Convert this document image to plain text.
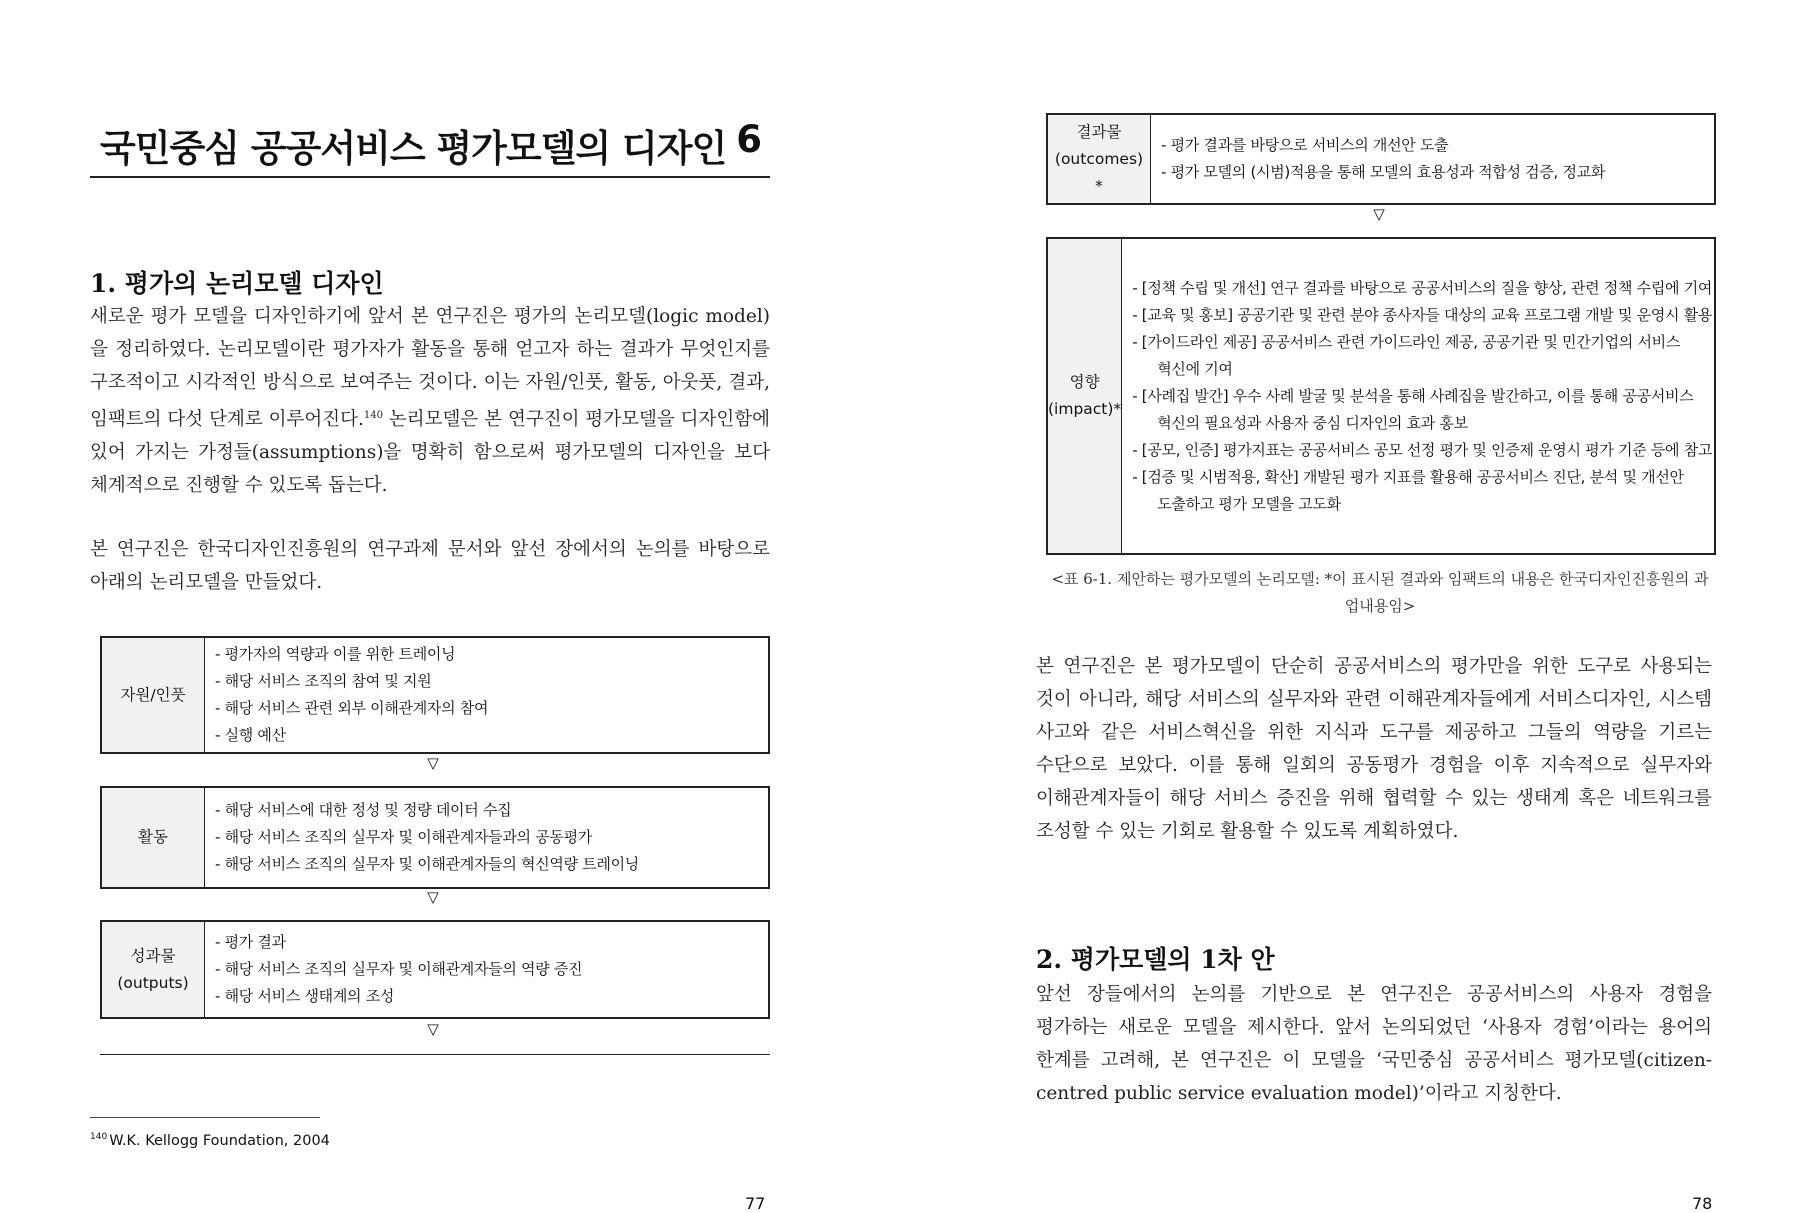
국민중심 공공서비스 평가모델의 디자인 6
1. 평가의 논리모델 디자인
새로운 평가 모델을 디자인하기에 앞서 본 연구진은 평가의 논리모델(logic model)을 정리하였다. 논리모델이란 평가자가 활동을 통해 얻고자 하는 결과가 무엇인지를 구조적이고 시각적인 방식으로 보여주는 것이다. 이는 자원/인풋, 활동, 아웃풋, 결과, 임팩트의 다섯 단계로 이루어진다.$^{140}$ 논리모델은 본 연구진이 평가모델을 디자인함에 있어 가지는 가정들(assumptions)을 명확히 함으로써 평가모델의 디자인을 보다 체계적으로 진행할 수 있도록 돕는다.
본 연구진은 한국디자인진흥원의 연구과제 문서와 앞선 장에서의 논의를 바탕으로 아래의 논리모델을 만들었다.
자원/인풋
- 평가자의 역량과 이를 위한 트레이닝
- 해당 서비스 조직의 참여 및 지원
- 해당 서비스 관련 외부 이해관계자의 참여
- 실행 예산
▽
활동
- 해당 서비스에 대한 정성 및 정량 데이터 수집
- 해당 서비스 조직의 실무자 및 이해관계자들과의 공동평가
- 해당 서비스 조직의 실무자 및 이해관계자들의 혁신역량 트레이닝
▽
성과물
(outputs)
- 평가 결과
- 해당 서비스 조직의 실무자 및 이해관계자들의 역량 증진
- 해당 서비스 생태계의 조성
▽
$^{140}$ W.K. Kellogg Foundation, 2004
77
결과물
(outcomes)
*
- 평가 결과를 바탕으로 서비스의 개선안 도출
- 평가 모델의 (시범)적용을 통해 모델의 효용성과 적합성 검증, 정교화
▽
영향
(impact)*
- [정책 수립 및 개선] 연구 결과를 바탕으로 공공서비스의 질을 향상, 관련 정책 수립에 기여
- [교육 및 홍보] 공공기관 및 관련 분야 종사자들 대상의 교육 프로그램 개발 및 운영시 활용
- [가이드라인 제공] 공공서비스 관련 가이드라인 제공, 공공기관 및 민간기업의 서비스
혁신에 기여
- [사례집 발간] 우수 사례 발굴 및 분석을 통해 사례집을 발간하고, 이를 통해 공공서비스
혁신의 필요성과 사용자 중심 디자인의 효과 홍보
- [공모, 인증] 평가지표는 공공서비스 공모 선정 평가 및 인증제 운영시 평가 기준 등에 참고
- [검증 및 시범적용, 확산] 개발된 평가 지표를 활용해 공공서비스 진단, 분석 및 개선안
도출하고 평가 모델을 고도화
<표 6-1. 제안하는 평가모델의 논리모델: *이 표시된 결과와 임팩트의 내용은 한국디자인진흥원의 과업내용임>
본 연구진은 본 평가모델이 단순히 공공서비스의 평가만을 위한 도구로 사용되는 것이 아니라, 해당 서비스의 실무자와 관련 이해관계자들에게 서비스디자인, 시스템 사고와 같은 서비스혁신을 위한 지식과 도구를 제공하고 그들의 역량을 기르는 수단으로 보았다. 이를 통해 일회의 공동평가 경험을 이후 지속적으로 실무자와 이해관계자들이 해당 서비스 증진을 위해 협력할 수 있는 생태계 혹은 네트워크를 조성할 수 있는 기회로 활용할 수 있도록 계획하였다.
2. 평가모델의 1차 안
앞선 장들에서의 논의를 기반으로 본 연구진은 공공서비스의 사용자 경험을 평가하는 새로운 모델을 제시한다. 앞서 논의되었던 ‘사용자 경험’이라는 용어의 한계를 고려해, 본 연구진은 이 모델을 ‘국민중심 공공서비스 평가모델(citizen-centred public service evaluation model)’이라고 지칭한다.
78
